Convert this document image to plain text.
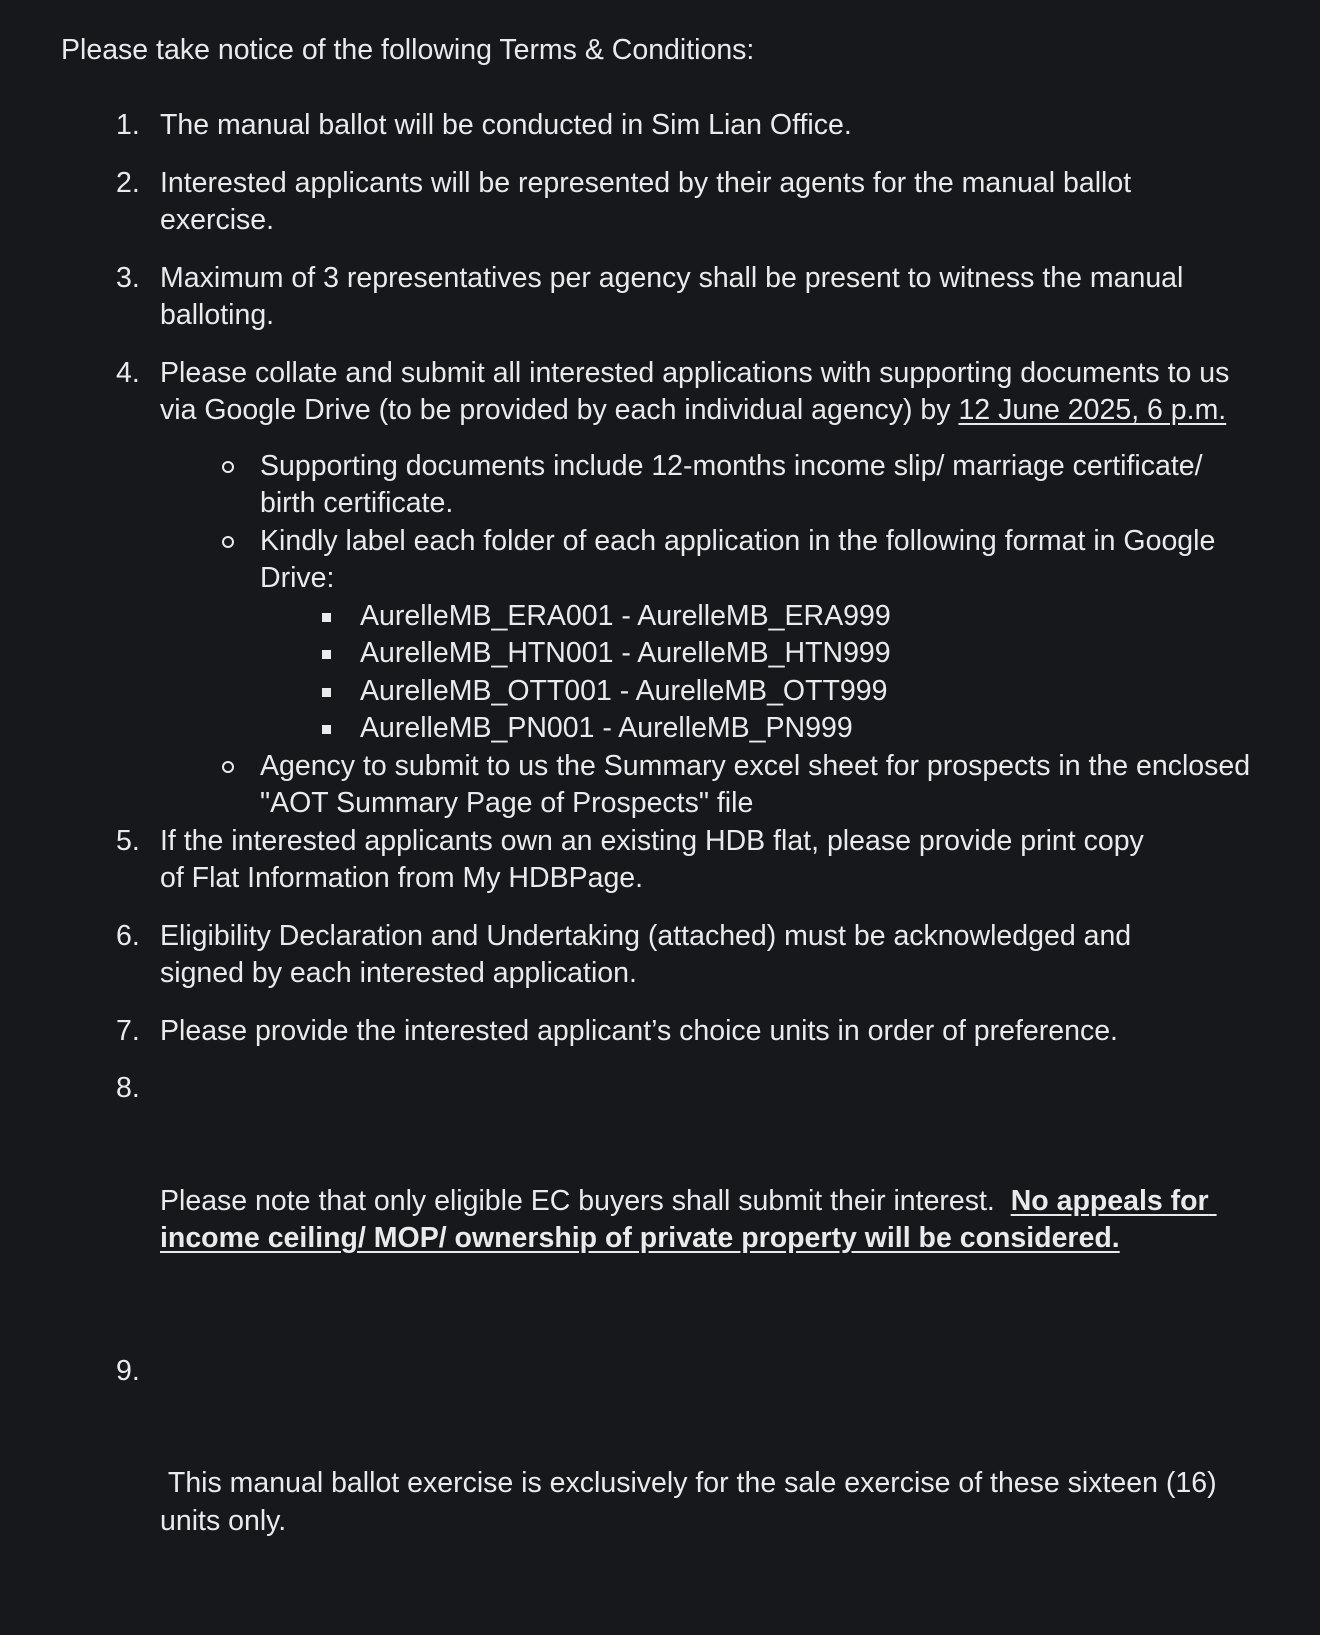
Please take notice of the following Terms & Conditions:

1. The manual ballot will be conducted in Sim Lian Office.
2. Interested applicants will be represented by their agents for the manual ballot exercise.
3. Maximum of 3 representatives per agency shall be present to witness the manual balloting.
4. Please collate and submit all interested applications with supporting documents to us via Google Drive (to be provided by each individual agency) by 12 June 2025, 6 p.m.
Supporting documents include 12-months income slip/ marriage certificate/ birth certificate.
Kindly label each folder of each application in the following format in Google Drive:
AurelleMB_ERA001 - AurelleMB_ERA999
AurelleMB_HTN001 - AurelleMB_HTN999
AurelleMB_OTT001 - AurelleMB_OTT999
AurelleMB_PN001 - AurelleMB_PN999
Agency to submit to us the Summary excel sheet for prospects in the enclosed "AOT Summary Page of Prospects" file
5. If the interested applicants own an existing HDB flat, please provide print copy of Flat Information from My HDBPage.
6. Eligibility Declaration and Undertaking (attached) must be acknowledged and signed by each interested application.
7. Please provide the interested applicant’s choice units in order of preference.

8.

Please note that only eligible EC buyers shall submit their interest.  No appeals for income ceiling/ MOP/ ownership of private property will be considered.

9.

This manual ballot exercise is exclusively for the sale exercise of these sixteen (16) units only.
